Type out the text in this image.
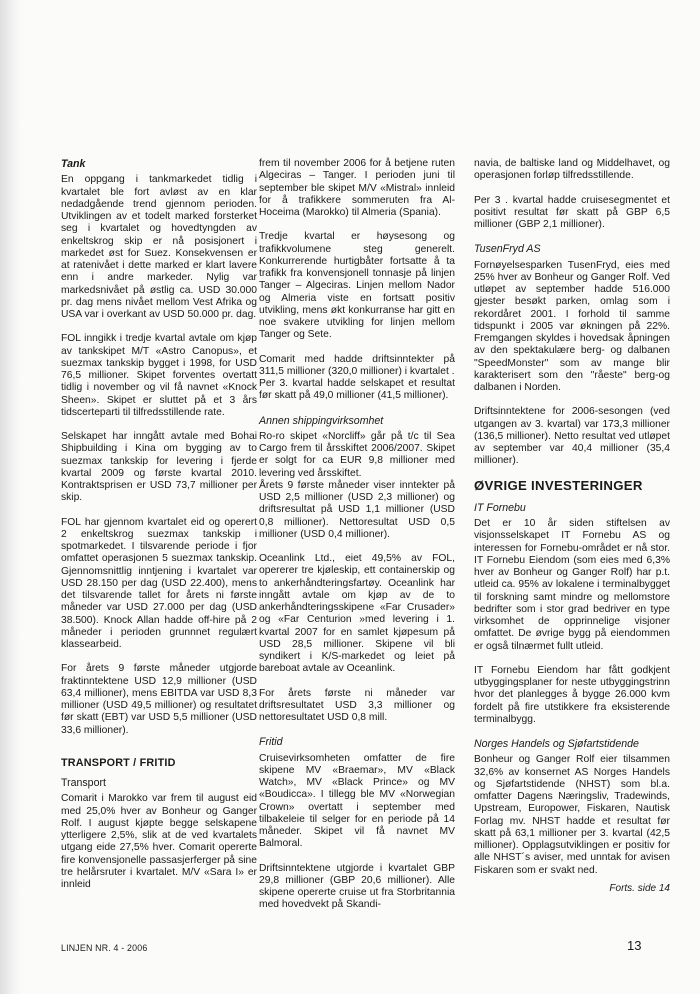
Tank

En oppgang i tankmarkedet tidlig i kvartalet ble fort avløst av en klar nedadgående trend gjennom perioden. Utviklingen av et todelt marked forsterket seg i kvartalet og hovedtyngden av enkeltskrog skip er nå posisjonert i markedet øst for Suez. Konsekvensen er at ratenivået i dette marked er klart lavere enn i andre markeder. Nylig var markedsnivået på østlig ca. USD 30.000 pr. dag mens nivået mellom Vest Afrika og USA var i overkant av USD 50.000 pr. dag.

FOL inngikk i tredje kvartal avtale om kjøp av tankskipet M/T «Astro Canopus», et suezmax tankskip bygget i 1998, for USD 76,5 millioner. Skipet forventes overtatt tidlig i november og vil få navnet «Knock Sheen». Skipet er sluttet på et 3 års tidscerteparti til tilfredsstillende rate.

Selskapet har inngått avtale med Bohai Shipbuilding i Kina om bygging av to suezmax tankskip for levering i fjerde kvartal 2009 og første kvartal 2010. Kontraktsprisen er USD 73,7 millioner per skip.

FOL har gjennom kvartalet eid og operert 2 enkeltskrog suezmax tankskip i spotmarkedet. I tilsvarende periode i fjor omfattet operasjonen 5 suezmax tankskip. Gjennomsnittlig inntjening i kvartalet var USD 28.150 per dag (USD 22.400), mens det tilsvarende tallet for årets ni første måneder var USD 27.000 per dag (USD 38.500). Knock Allan hadde off-hire på 2 måneder i perioden grunnnet regulært klassearbeid.

For årets 9 første måneder utgjorde fraktinntektene USD 12,9 millioner (USD 63,4 millioner), mens EBITDA var USD 8,3 millioner (USD 49,5 millioner) og resultatet før skatt (EBT) var USD 5,5 millioner (USD 33,6 millioner).

TRANSPORT / FRITID
Transport

Comarit i Marokko var frem til august eid med 25,0% hver av Bonheur og Ganger Rolf. I august kjøpte begge selskapene ytterligere 2,5%, slik at de ved kvartalets utgang eide 27,5% hver. Comarit opererte fire konvensjonelle passasjerferger på sine tre helårsruter i kvartalet. M/V «Sara I» er innleid

frem til november 2006 for å betjene ruten Algeciras – Tanger. I perioden juni til september ble skipet M/V «Mistral» innleid for å trafikkere sommeruten fra Al-Hoceima (Marokko) til Almeria (Spania).

Tredje kvartal er høysesong og trafikkvolumene steg generelt. Konkurrerende hurtigbåter fortsatte å ta trafikk fra konvensjonell tonnasje på linjen Tanger – Algeciras. Linjen mellom Nador og Almeria viste en fortsatt positiv utvikling, mens økt konkurranse har gitt en noe svakere utvikling for linjen mellom Tanger og Sete.

Comarit med hadde driftsinntekter på 311,5 millioner (320,0 millioner) i kvartalet .

Per 3. kvartal hadde selskapet et resultat før skatt på 49,0 millioner (41,5 millioner).

Annen shippingvirksomhet

Ro-ro skipet «Norcliff» går på t/c til Sea Cargo frem til årsskiftet 2006/2007. Skipet er solgt for ca EUR 9,8 millioner med levering ved årsskiftet.

Årets 9 første måneder viser inntekter på USD 2,5 millioner (USD 2,3 millioner) og driftsresultat på USD 1,1 millioner (USD 0,8 millioner). Nettoresultat USD 0,5 millioner (USD 0,4 millioner).

Oceanlink Ltd., eiet 49,5% av FOL, opererer tre kjøleskip, ett containerskip og to ankerhåndteringsfartøy. Oceanlink har inngått avtale om kjøp av de to ankerhåndteringsskipene «Far Crusader» og «Far Centurion »med levering i 1. kvartal 2007 for en samlet kjøpesum på USD 28,5 millioner. Skipene vil bli syndikert i K/S-markedet og leiet på bareboat avtale av Oceanlink.

For årets første ni måneder var driftsresultatet USD 3,3 millioner og nettoresultatet USD 0,8 mill.

Fritid

Cruisevirksomheten omfatter de fire skipene MV «Braemar», MV «Black Watch», MV «Black Prince» og MV «Boudicca». I tillegg ble MV «Norwegian Crown» overtatt i september med tilbakeleie til selger for en periode på 14 måneder. Skipet vil få navnet MV Balmoral.

Driftsinntektene utgjorde i kvartalet GBP 29,8 millioner (GBP 20,6 millioner). Alle skipene opererte cruise ut fra Storbritannia med hovedvekt på Skandi-

navia, de baltiske land og Middelhavet, og operasjonen forløp tilfredsstillende.

Per 3 . kvartal hadde cruisesegmentet et positivt resultat før skatt på GBP 6,5 millioner (GBP 2,1 millioner).

TusenFryd AS

Fornøyelsesparken TusenFryd, eies med 25% hver av Bonheur og Ganger Rolf. Ved utløpet av september hadde 516.000 gjester besøkt parken, omlag som i rekordåret 2001. I forhold til samme tidspunkt i 2005 var økningen på 22%. Fremgangen skyldes i hovedsak åpningen av den spektakulære berg- og dalbanen "SpeedMonster" som av mange blir karakterisert som den "råeste" berg-og dalbanen i Norden.

Driftsinntektene for 2006-sesongen (ved utgangen av 3. kvartal) var 173,3 millioner (136,5 millioner). Netto resultat ved utløpet av september var 40,4 millioner (35,4 millioner).

ØVRIGE INVESTERINGER
IT Fornebu

Det er 10 år siden stiftelsen av visjonsselskapet IT Fornebu AS og interessen for Fornebu-området er nå stor. IT Fornebu Eiendom (som eies med 6,3% hver av Bonheur og Ganger Rolf) har p.t. utleid ca. 95% av lokalene i terminalbygget til forskning samt mindre og mellomstore bedrifter som i stor grad bedriver en type virksomhet de opprinnelige visjoner omfattet. De øvrige bygg på eiendommen er også tilnærmet fullt utleid.

IT Fornebu Eiendom har fått godkjent utbyggingsplaner for neste utbyggingstrinn hvor det planlegges å bygge 26.000 kvm fordelt på fire utstikkere fra eksisterende terminalbygg.

Norges Handels og Sjøfartstidende

Bonheur og Ganger Rolf eier tilsammen 32,6% av konsernet AS Norges Handels og Sjøfartstidende (NHST) som bl.a. omfatter Dagens Næringsliv, Tradewinds, Upstream, Europower, Fiskaren, Nautisk Forlag mv. NHST hadde et resultat før skatt på 63,1 millioner per 3. kvartal (42,5 millioner). Opplagsutviklingen er positiv for alle NHST´s aviser, med unntak for avisen Fiskaren som er svakt ned.

Forts. side 14
LINJEN NR. 4 - 2006	13
